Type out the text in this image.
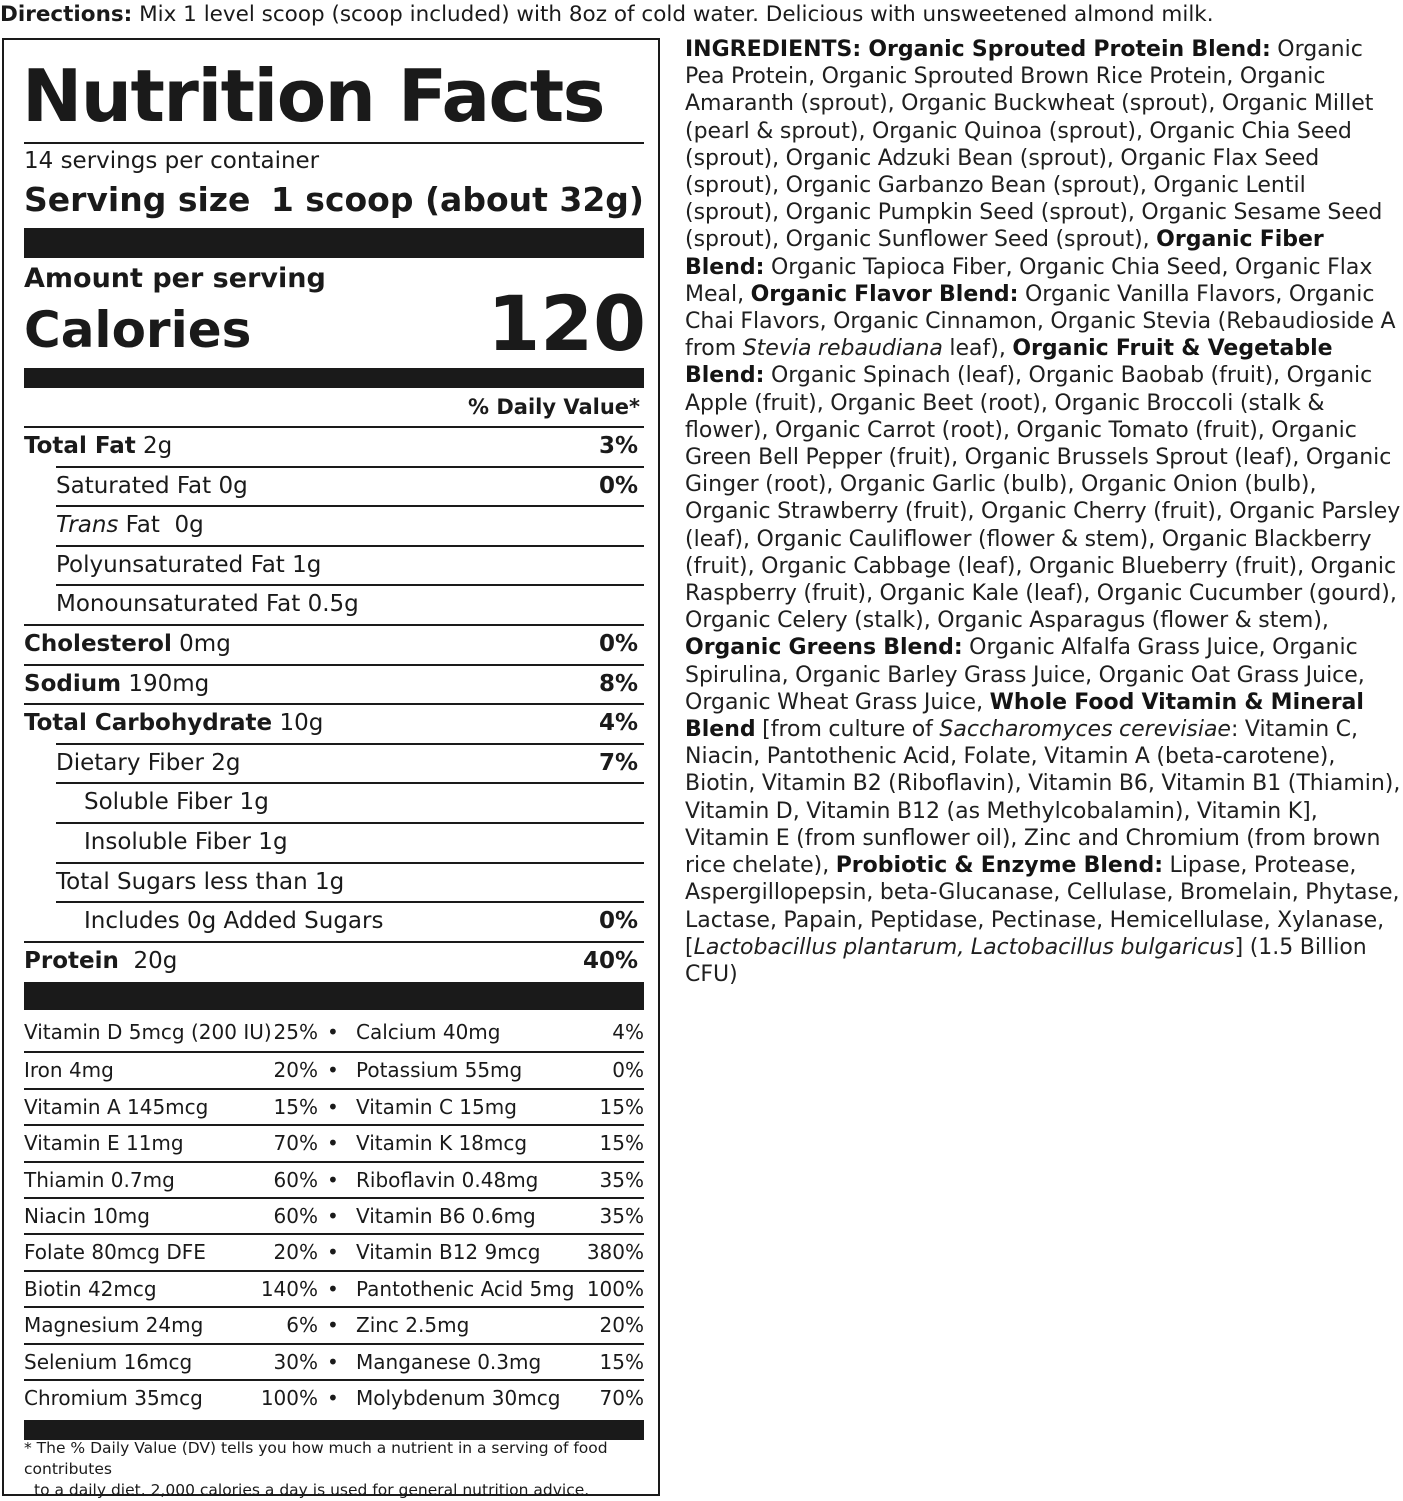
Directions: Mix 1 level scoop (scoop included) with 8oz of cold water. Delicious with unsweetened almond milk.
Nutrition Facts
14 servings per container
Serving size 1 scoop (about 32g)
Amount per serving
Calories	120
% Daily Value*
Total Fat 2g	3%
Saturated Fat 0g	0%
Trans Fat  0g
Polyunsaturated Fat 1g
Monounsaturated Fat 0.5g
Cholesterol 0mg	0%
Sodium 190mg	8%
Total Carbohydrate 10g	4%
Dietary Fiber 2g	7%
Soluble Fiber 1g
Insoluble Fiber 1g
Total Sugars less than 1g
Includes 0g Added Sugars	0%
Protein  20g	40%
Vitamin D 5mcg (200 IU) 25% • Calcium 40mg	4%
Iron 4mg	20% • Potassium 55mg	0%
Vitamin A 145mcg	15% • Vitamin C 15mg	15%
Vitamin E 11mg	70% • Vitamin K 18mcg	15%
Thiamin 0.7mg	60% • Riboflavin 0.48mg	35%
Niacin 10mg	60% • Vitamin B6 0.6mg	35%
Folate 80mcg DFE	20% • Vitamin B12 9mcg 380%
Biotin 42mcg	140% • Pantothenic Acid 5mg 100%
Magnesium 24mg	6% • Zinc 2.5mg	20%
Selenium 16mcg	30% • Manganese 0.3mg	15%
Chromium 35mcg	100% • Molybdenum 30mcg 70%
* The % Daily Value (DV) tells you how much a nutrient in a serving of food contributes
to a daily diet. 2,000 calories a day is used for general nutrition advice.
INGREDIENTS: Organic Sprouted Protein Blend: Organic Pea Protein, Organic Sprouted Brown Rice Protein, Organic Amaranth (sprout), Organic Buckwheat (sprout), Organic Millet (pearl & sprout), Organic Quinoa (sprout), Organic Chia Seed (sprout), Organic Adzuki Bean (sprout), Organic Flax Seed (sprout), Organic Garbanzo Bean (sprout), Organic Lentil (sprout), Organic Pumpkin Seed (sprout), Organic Sesame Seed (sprout), Organic Sunflower Seed (sprout), Organic Fiber Blend: Organic Tapioca Fiber, Organic Chia Seed, Organic Flax Meal, Organic Flavor Blend: Organic Vanilla Flavors, Organic Chai Flavors, Organic Cinnamon, Organic Stevia (Rebaudioside A from Stevia rebaudiana leaf), Organic Fruit & Vegetable Blend: Organic Spinach (leaf), Organic Baobab (fruit), Organic Apple (fruit), Organic Beet (root), Organic Broccoli (stalk & flower), Organic Carrot (root), Organic Tomato (fruit), Organic Green Bell Pepper (fruit), Organic Brussels Sprout (leaf), Organic Ginger (root), Organic Garlic (bulb), Organic Onion (bulb), Organic Strawberry (fruit), Organic Cherry (fruit), Organic Parsley (leaf), Organic Cauliflower (flower & stem), Organic Blackberry (fruit), Organic Cabbage (leaf), Organic Blueberry (fruit), Organic Raspberry (fruit), Organic Kale (leaf), Organic Cucumber (gourd), Organic Celery (stalk), Organic Asparagus (flower & stem), Organic Greens Blend: Organic Alfalfa Grass Juice, Organic Spirulina, Organic Barley Grass Juice, Organic Oat Grass Juice, Organic Wheat Grass Juice, Whole Food Vitamin & Mineral Blend [from culture of Saccharomyces cerevisiae: Vitamin C, Niacin, Pantothenic Acid, Folate, Vitamin A (beta-carotene), Biotin, Vitamin B2 (Riboflavin), Vitamin B6, Vitamin B1 (Thiamin), Vitamin D, Vitamin B12 (as Methylcobalamin), Vitamin K], Vitamin E (from sunflower oil), Zinc and Chromium (from brown rice chelate), Probiotic & Enzyme Blend: Lipase, Protease, Aspergillopepsin, beta-Glucanase, Cellulase, Bromelain, Phytase, Lactase, Papain, Peptidase, Pectinase, Hemicellulase, Xylanase, [Lactobacillus plantarum, Lactobacillus bulgaricus] (1.5 Billion CFU)
